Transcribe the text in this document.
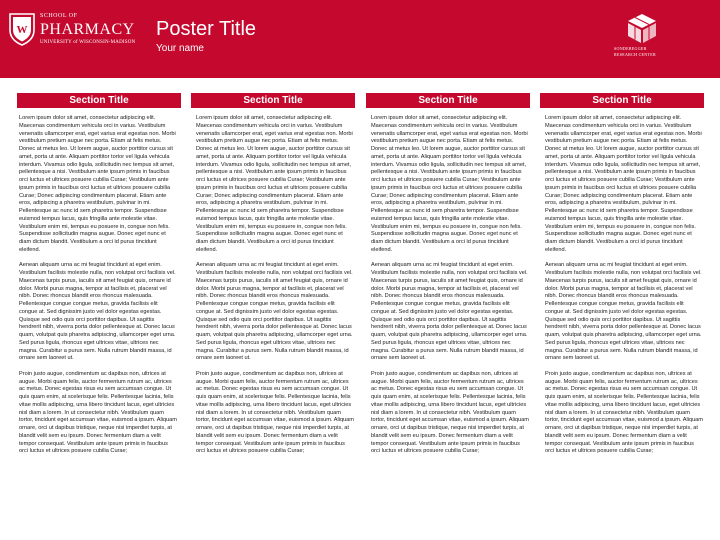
W
SCHOOL OF
PHARMACY
UNIVERSITY of WISCONSIN-MADISON
Poster Title
Your name	SONDEREGGER
RESEARCH CENTER
Section Title	Section Title	Section Title	Section Title

Lorem ipsum dolor sit amet, consectetur adipiscing elit. Maecenas condimentum vehicula orci in varius. Vestibulum venenatis ullamcorper erat, eget varius erat egestas non. Morbi vestibulum pretium augue nec porta. Etiam at felis metus. Donec at metus leo. Ut lorem augue, auctor porttitor cursus sit amet, porta ut ante. Aliquam porttitor tortor vel ligula vehicula interdum. Vivamus odio ligula, sollicitudin nec tempus sit amet, pellentesque a nisi. Vestibulum ante ipsum primis in faucibus orci luctus et ultrices posuere cubilia Curae; Vestibulum ante ipsum primis in faucibus orci luctus et ultrices posuere cubilia Curae; Donec adipiscing condimentum placerat. Etiam ante eros, adipiscing a pharetra vestibulum, pulvinar in mi. Pellentesque ac nunc id sem pharetra tempor. Suspendisse euismod tempus lacus, quis fringilla ante molestie vitae. Vestibulum enim mi, tempus eu posuere in, congue non felis. Suspendisse sollicitudin magna augue. Donec eget nunc et diam dictum blandit. Vestibulum a orci id purus tincidunt eleifend.

Aenean aliquam urna ac mi feugiat tincidunt at eget enim. Vestibulum facilisis molestie nulla, non volutpat orci facilisis vel. Maecenas turpis purus, iaculis sit amet feugiat quis, ornare id dolor. Morbi purus magna, tempor at facilisis et, placerat vel nibh. Donec rhoncus blandit eros rhoncus malesuada. Pellentesque congue congue metus, gravida facilisis elit congue at. Sed dignissim justo vel dolor egestas egestas. Quisque sed odio quis orci porttitor dapibus. Ut sagittis hendrerit nibh, viverra porta dolor pellentesque at. Donec lacus quam, volutpat quis pharetra adipiscing, ullamcorper eget urna. Sed purus ligula, rhoncus eget ultrices vitae, ultrices nec magna. Curabitur a purus sem. Nulla rutrum blandit massa, id ornare sem laoreet ut.

Proin justo augue, condimentum ac dapibus non, ultrices at augue. Morbi quam felis, auctor fermentum rutrum ac, ultrices ac metus. Donec egestas risus eu sem accumsan congue. Ut quis quam enim, at scelerisque felis. Pellentesque lacinia, felis vitae mollis adipiscing, urna libero tincidunt lacus, eget ultricies nisl diam a lorem. In ut consectetur nibh. Vestibulum quam tortor, tincidunt eget accumsan vitae, euismod a ipsum. Aliquam ornare, orci ut dapibus tristique, neque nisi imperdiet turpis, at blandit velit sem eu ipsum. Donec fermentum diam a velit tempor consequat. Vestibulum ante ipsum primis in faucibus orci luctus et ultrices posuere cubilia Curae;

Lorem ipsum dolor sit amet, consectetur adipiscing elit. Maecenas condimentum vehicula orci in varius. Vestibulum venenatis ullamcorper erat, eget varius erat egestas non. Morbi vestibulum pretium augue nec porta. Etiam at felis metus. Donec at metus leo. Ut lorem augue, auctor porttitor cursus sit amet, porta ut ante. Aliquam porttitor tortor vel ligula vehicula interdum. Vivamus odio ligula, sollicitudin nec tempus sit amet, pellentesque a nisi. Vestibulum ante ipsum primis in faucibus orci luctus et ultrices posuere cubilia Curae; Vestibulum ante ipsum primis in faucibus orci luctus et ultrices posuere cubilia Curae; Donec adipiscing condimentum placerat. Etiam ante eros, adipiscing a pharetra vestibulum, pulvinar in mi. Pellentesque ac nunc id sem pharetra tempor. Suspendisse euismod tempus lacus, quis fringilla ante molestie vitae. Vestibulum enim mi, tempus eu posuere in, congue non felis. Suspendisse sollicitudin magna augue. Donec eget nunc et diam dictum blandit. Vestibulum a orci id purus tincidunt eleifend.

Aenean aliquam urna ac mi feugiat tincidunt at eget enim. Vestibulum facilisis molestie nulla, non volutpat orci facilisis vel. Maecenas turpis purus, iaculis sit amet feugiat quis, ornare id dolor. Morbi purus magna, tempor at facilisis et, placerat vel nibh. Donec rhoncus blandit eros rhoncus malesuada. Pellentesque congue congue metus, gravida facilisis elit congue at. Sed dignissim justo vel dolor egestas egestas. Quisque sed odio quis orci porttitor dapibus. Ut sagittis hendrerit nibh, viverra porta dolor pellentesque at. Donec lacus quam, volutpat quis pharetra adipiscing, ullamcorper eget urna. Sed purus ligula, rhoncus eget ultrices vitae, ultrices nec magna. Curabitur a purus sem. Nulla rutrum blandit massa, id ornare sem laoreet ut.

Proin justo augue, condimentum ac dapibus non, ultrices at augue. Morbi quam felis, auctor fermentum rutrum ac, ultrices ac metus. Donec egestas risus eu sem accumsan congue. Ut quis quam enim, at scelerisque felis. Pellentesque lacinia, felis vitae mollis adipiscing, urna libero tincidunt lacus, eget ultricies nisl diam a lorem. In ut consectetur nibh. Vestibulum quam tortor, tincidunt eget accumsan vitae, euismod a ipsum. Aliquam ornare, orci ut dapibus tristique, neque nisi imperdiet turpis, at blandit velit sem eu ipsum. Donec fermentum diam a velit tempor consequat. Vestibulum ante ipsum primis in faucibus orci luctus et ultrices posuere cubilia Curae;

Lorem ipsum dolor sit amet, consectetur adipiscing elit. Maecenas condimentum vehicula orci in varius. Vestibulum venenatis ullamcorper erat, eget varius erat egestas non. Morbi vestibulum pretium augue nec porta. Etiam at felis metus. Donec at metus leo. Ut lorem augue, auctor porttitor cursus sit amet, porta ut ante. Aliquam porttitor tortor vel ligula vehicula interdum. Vivamus odio ligula, sollicitudin nec tempus sit amet, pellentesque a nisi. Vestibulum ante ipsum primis in faucibus orci luctus et ultrices posuere cubilia Curae; Vestibulum ante ipsum primis in faucibus orci luctus et ultrices posuere cubilia Curae; Donec adipiscing condimentum placerat. Etiam ante eros, adipiscing a pharetra vestibulum, pulvinar in mi. Pellentesque ac nunc id sem pharetra tempor. Suspendisse euismod tempus lacus, quis fringilla ante molestie vitae. Vestibulum enim mi, tempus eu posuere in, congue non felis. Suspendisse sollicitudin magna augue. Donec eget nunc et diam dictum blandit. Vestibulum a orci id purus tincidunt eleifend.

Aenean aliquam urna ac mi feugiat tincidunt at eget enim. Vestibulum facilisis molestie nulla, non volutpat orci facilisis vel. Maecenas turpis purus, iaculis sit amet feugiat quis, ornare id dolor. Morbi purus magna, tempor at facilisis et, placerat vel nibh. Donec rhoncus blandit eros rhoncus malesuada. Pellentesque congue congue metus, gravida facilisis elit congue at. Sed dignissim justo vel dolor egestas egestas. Quisque sed odio quis orci porttitor dapibus. Ut sagittis hendrerit nibh, viverra porta dolor pellentesque at. Donec lacus quam, volutpat quis pharetra adipiscing, ullamcorper eget urna. Sed purus ligula, rhoncus eget ultrices vitae, ultrices nec magna. Curabitur a purus sem. Nulla rutrum blandit massa, id ornare sem laoreet ut.

Proin justo augue, condimentum ac dapibus non, ultrices at augue. Morbi quam felis, auctor fermentum rutrum ac, ultrices ac metus. Donec egestas risus eu sem accumsan congue. Ut quis quam enim, at scelerisque felis. Pellentesque lacinia, felis vitae mollis adipiscing, urna libero tincidunt lacus, eget ultricies nisl diam a lorem. In ut consectetur nibh. Vestibulum quam tortor, tincidunt eget accumsan vitae, euismod a ipsum. Aliquam ornare, orci ut dapibus tristique, neque nisi imperdiet turpis, at blandit velit sem eu ipsum. Donec fermentum diam a velit tempor consequat. Vestibulum ante ipsum primis in faucibus orci luctus et ultrices posuere cubilia Curae;

Lorem ipsum dolor sit amet, consectetur adipiscing elit. Maecenas condimentum vehicula orci in varius. Vestibulum venenatis ullamcorper erat, eget varius erat egestas non. Morbi vestibulum pretium augue nec porta. Etiam at felis metus. Donec at metus leo. Ut lorem augue, auctor porttitor cursus sit amet, porta ut ante. Aliquam porttitor tortor vel ligula vehicula interdum. Vivamus odio ligula, sollicitudin nec tempus sit amet, pellentesque a nisi. Vestibulum ante ipsum primis in faucibus orci luctus et ultrices posuere cubilia Curae; Vestibulum ante ipsum primis in faucibus orci luctus et ultrices posuere cubilia Curae; Donec adipiscing condimentum placerat. Etiam ante eros, adipiscing a pharetra vestibulum, pulvinar in mi. Pellentesque ac nunc id sem pharetra tempor. Suspendisse euismod tempus lacus, quis fringilla ante molestie vitae. Vestibulum enim mi, tempus eu posuere in, congue non felis. Suspendisse sollicitudin magna augue. Donec eget nunc et diam dictum blandit. Vestibulum a orci id purus tincidunt eleifend.

Aenean aliquam urna ac mi feugiat tincidunt at eget enim. Vestibulum facilisis molestie nulla, non volutpat orci facilisis vel. Maecenas turpis purus, iaculis sit amet feugiat quis, ornare id dolor. Morbi purus magna, tempor at facilisis et, placerat vel nibh. Donec rhoncus blandit eros rhoncus malesuada. Pellentesque congue congue metus, gravida facilisis elit congue at. Sed dignissim justo vel dolor egestas egestas. Quisque sed odio quis orci porttitor dapibus. Ut sagittis hendrerit nibh, viverra porta dolor pellentesque at. Donec lacus quam, volutpat quis pharetra adipiscing, ullamcorper eget urna. Sed purus ligula, rhoncus eget ultrices vitae, ultrices nec magna. Curabitur a purus sem. Nulla rutrum blandit massa, id ornare sem laoreet ut.

Proin justo augue, condimentum ac dapibus non, ultrices at augue. Morbi quam felis, auctor fermentum rutrum ac, ultrices ac metus. Donec egestas risus eu sem accumsan congue. Ut quis quam enim, at scelerisque felis. Pellentesque lacinia, felis vitae mollis adipiscing, urna libero tincidunt lacus, eget ultricies nisl diam a lorem. In ut consectetur nibh. Vestibulum quam tortor, tincidunt eget accumsan vitae, euismod a ipsum. Aliquam ornare, orci ut dapibus tristique, neque nisi imperdiet turpis, at blandit velit sem eu ipsum. Donec fermentum diam a velit tempor consequat. Vestibulum ante ipsum primis in faucibus orci luctus et ultrices posuere cubilia Curae;
